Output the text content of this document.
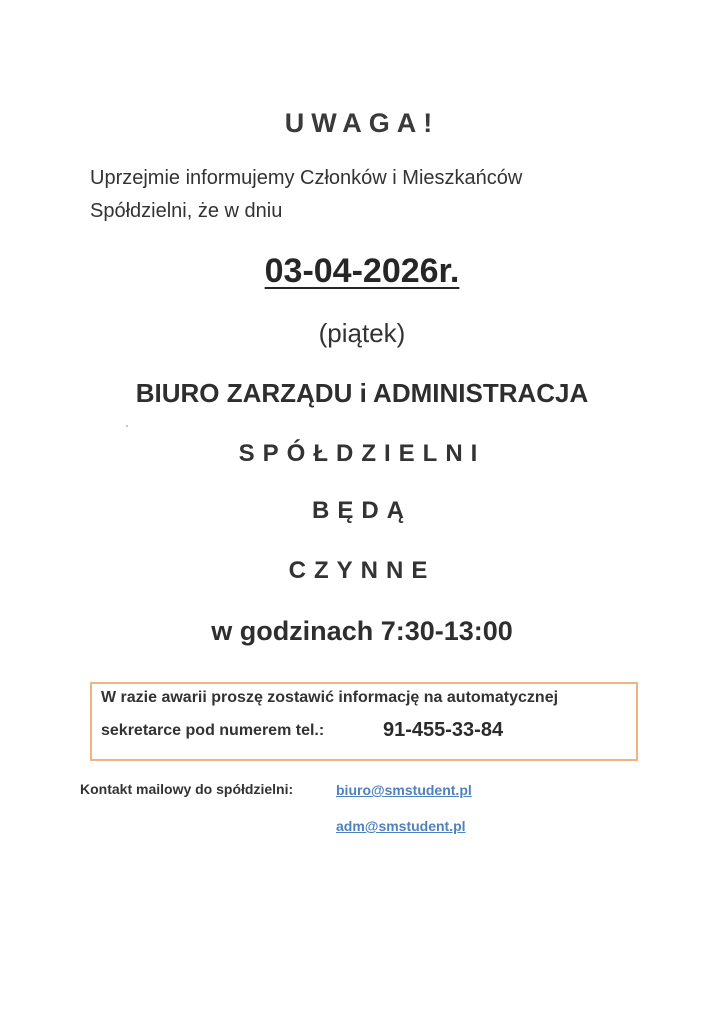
UWAGA!
Uprzejmie informujemy Członków i Mieszkańców
Spółdzielni, że w dniu
03-04-2026r.
(piątek)
BIURO ZARZĄDU i ADMINISTRACJA
SPÓŁDZIELNI
BĘDĄ
CZYNNE
w godzinach 7:30-13:00
W razie awarii proszę zostawić informację na automatycznej
sekretarce pod numerem tel.:	91-455-33-84
Kontakt mailowy do spółdzielni:	biuro@smstudent.pl
adm@smstudent.pl
